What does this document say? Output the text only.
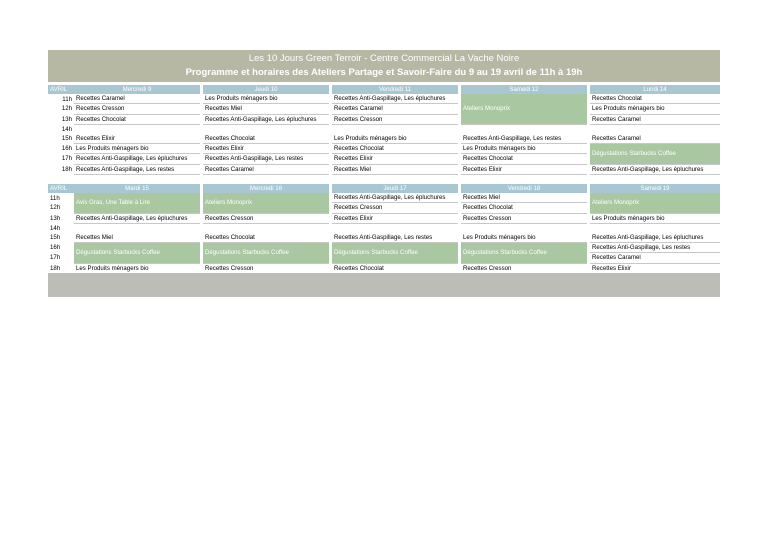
Les 10 Jours Green Terroir - Centre Commercial La Vache Noire
Programme et horaires des Ateliers Partage et Savoir-Faire du 9 au 19 avril de 11h à 19h
AVRIL	Mercredi 9		Jeudi 10		Vendredi 11		Samedi 12		Lundi 14
11h	Recettes Caramel		Les Produits ménagers bio		Recettes Anti-Gaspillage, Les épluchures		Ateliers Monoprix		Recettes Chocolat
12h	Recettes Cresson		Recettes Miel		Recettes Caramel				Les Produits ménagers bio
13h	Recettes Chocolat		Recettes Anti-Gaspillage, Les épluchures		Recettes Cresson				Recettes Caramel
14h									
15h	Recettes Elixir		Recettes Chocolat		Les Produits ménagers bio		Recettes Anti-Gaspillage, Les restes		Recettes Caramel
16h	Les Produits ménagers bio		Recettes Elixir		Recettes Chocolat		Les Produits ménagers bio		Dégustations Starbucks Coffee
17h	Recettes Anti-Gaspillage, Les épluchures		Recettes Anti-Gaspillage, Les restes		Recettes Elixir		Recettes Chocolat		
18h	Recettes Anti-Gaspillage, Les restes		Recettes Caramel		Recettes Miel		Recettes Elixir		Recettes Anti-Gaspillage, Les épluchures
AVRIL	Mardi 15		Mercredi 16		Jeudi 17		Vendredi 18		Samedi 19
11h	Avis Gras, Une Table à Lire		Ateliers Monoprix		Recettes Anti-Gaspillage, Les épluchures		Recettes Miel		Ateliers Monoprix
12h					Recettes Cresson		Recettes Chocolat		
13h	Recettes Anti-Gaspillage, Les épluchures		Recettes Cresson		Recettes Elixir		Recettes Cresson		Les Produits ménagers bio
14h									
15h	Recettes Miel		Recettes Chocolat		Recettes Anti-Gaspillage, Les restes		Les Produits ménagers bio		Recettes Anti-Gaspillage, Les épluchures
16h	Dégustations Starbucks Coffee		Dégustations Starbucks Coffee		Dégustations Starbucks Coffee		Dégustations Starbucks Coffee		Recettes Anti-Gaspillage, Les restes
17h									Recettes Caramel
18h	Les Produits ménagers bio		Recettes Cresson		Recettes Chocolat		Recettes Cresson		Recettes Elixir
